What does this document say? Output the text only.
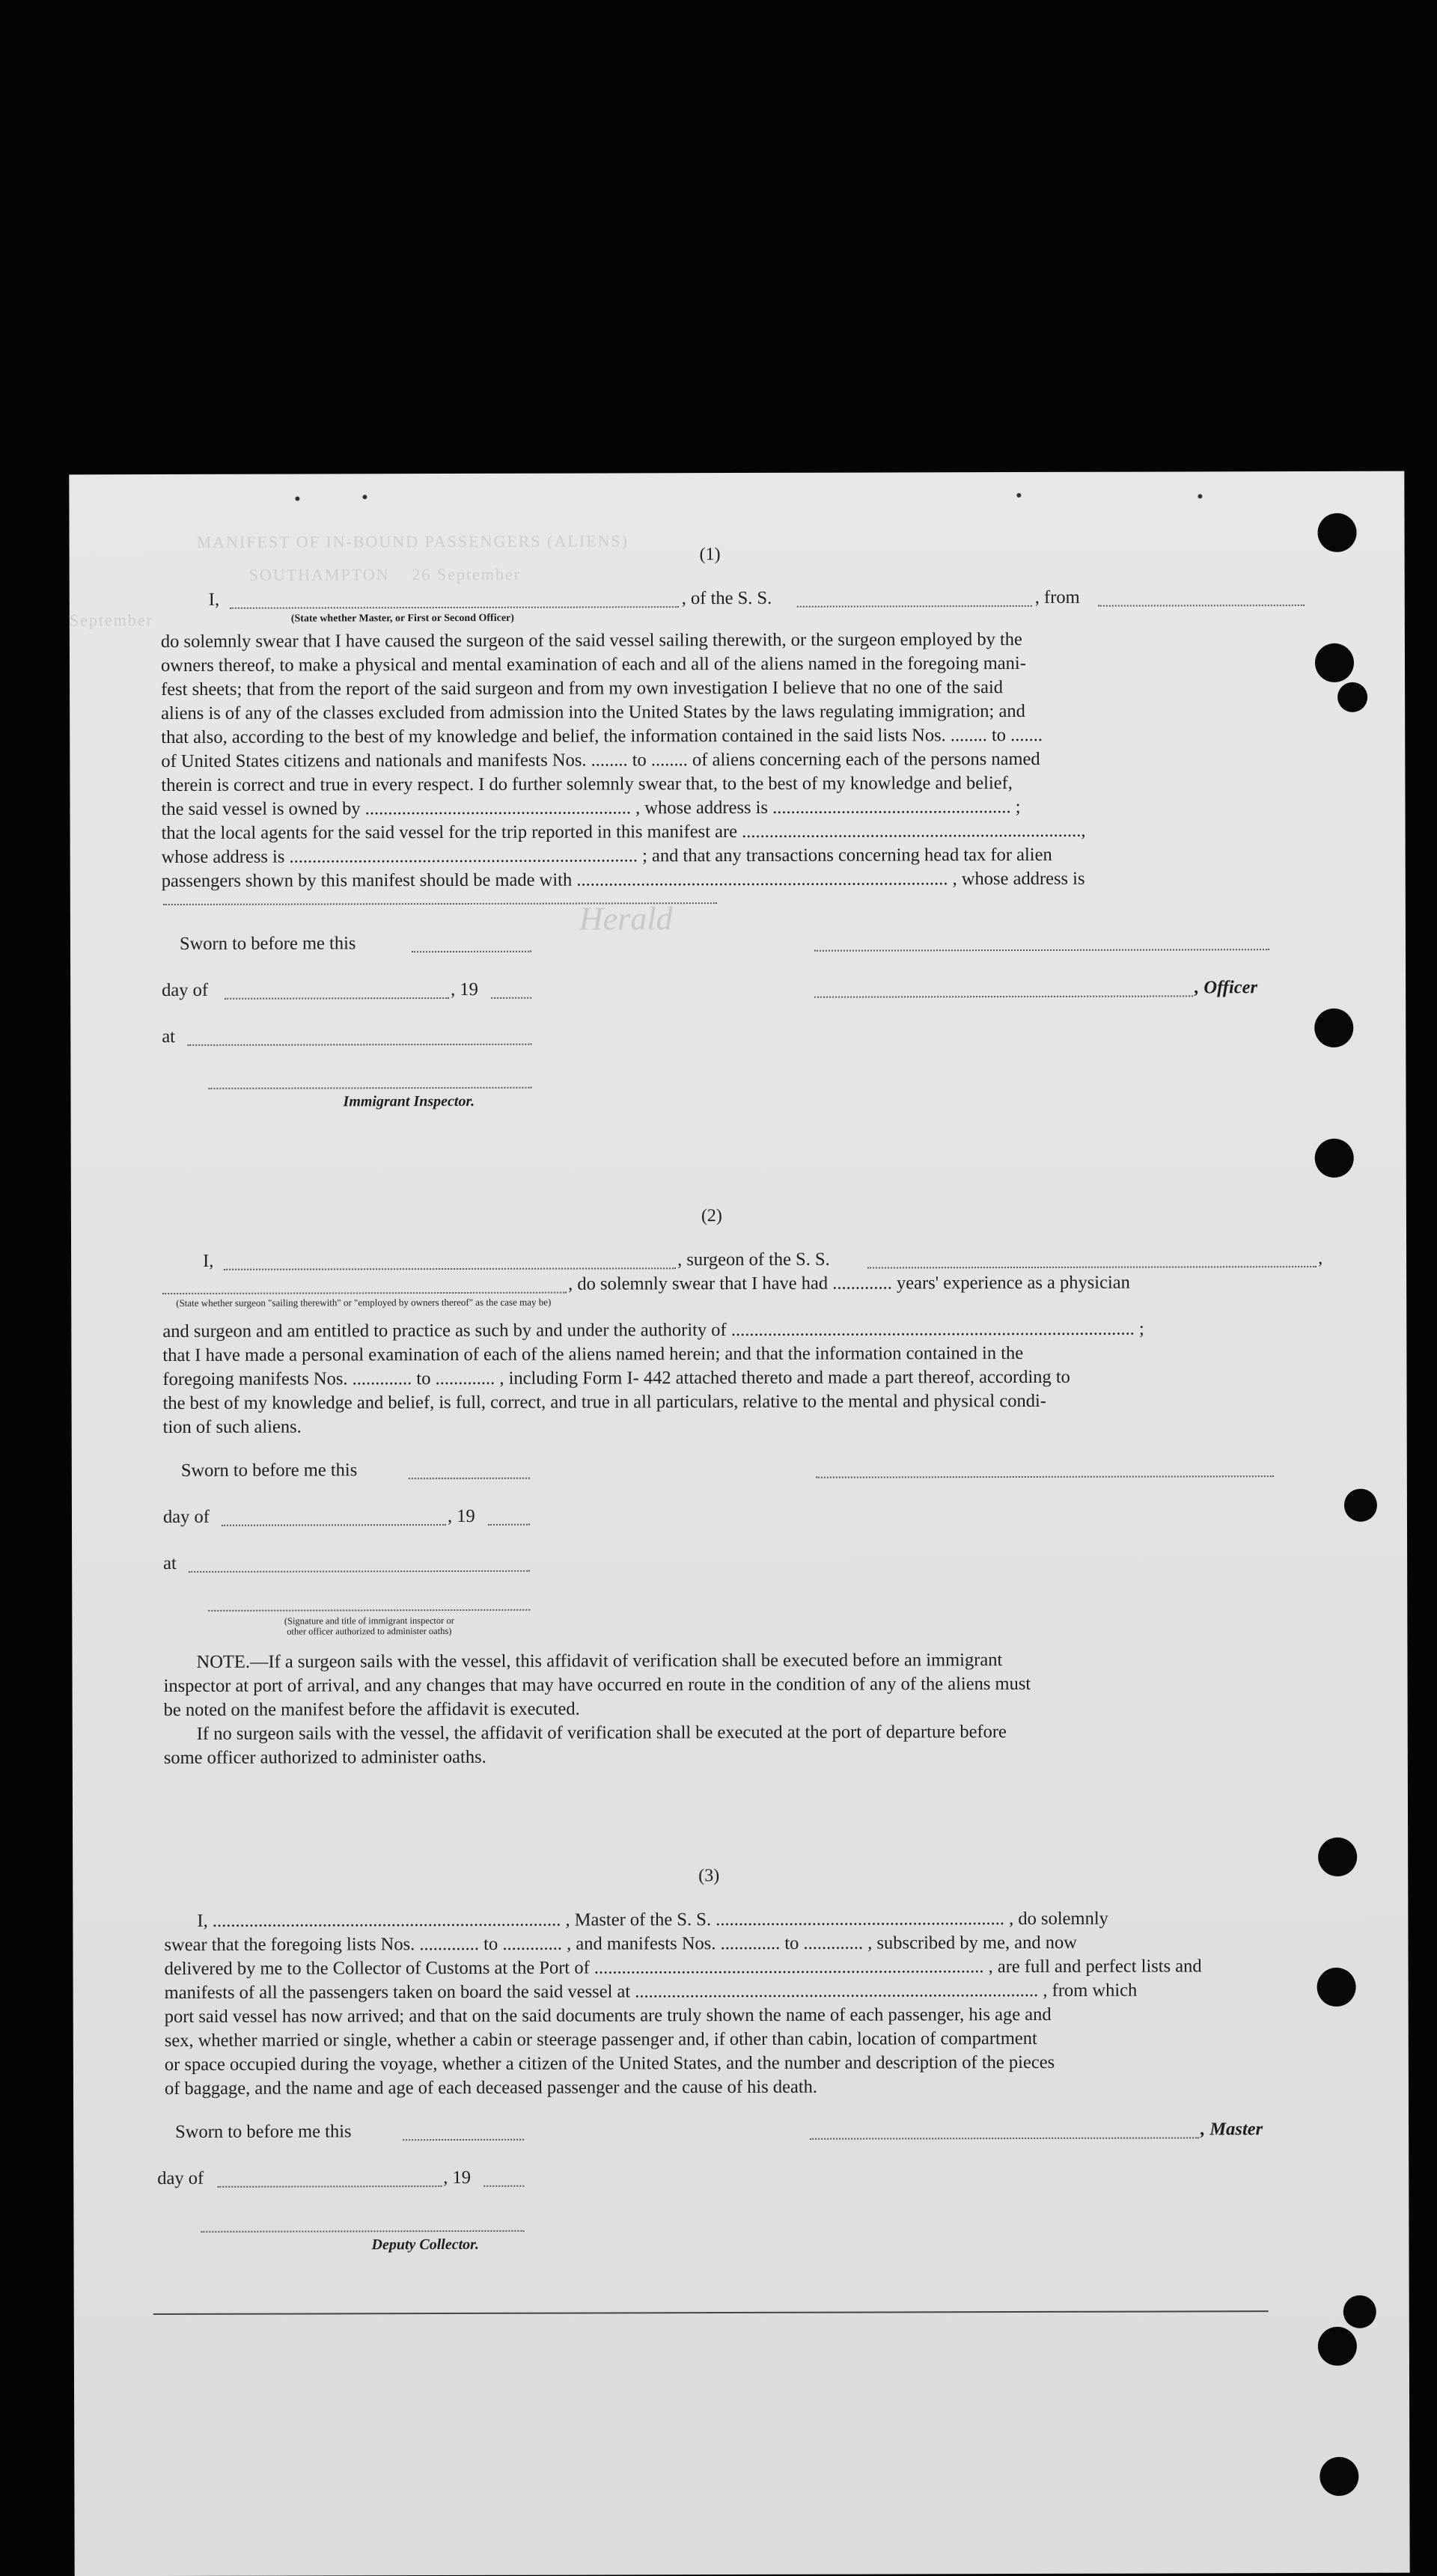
MANIFEST OF IN-BOUND PASSENGERS (ALIENS)
SOUTHAMPTON    26 September
September
Herald
(1)
I,	, of the S. S.	, from
(State whether Master, or First or Second Officer)
do solemnly swear that I have caused the surgeon of the said vessel sailing therewith, or the surgeon employed by the
owners thereof, to make a physical and mental examination of each and all of the aliens named in the foregoing mani-
fest sheets; that from the report of the said surgeon and from my own investigation I believe that no one of the said
aliens is of any of the classes excluded from admission into the United States by the laws regulating immigration; and
that also, according to the best of my knowledge and belief, the information contained in the said lists Nos. ........ to .......
of United States citizens and nationals and manifests Nos. ........ to ........ of aliens concerning each of the persons named
therein is correct and true in every respect. I do further solemnly swear that, to the best of my knowledge and belief,
the said vessel is owned by .......................................................... , whose address is .................................................... ;
that the local agents for the said vessel for the trip reported in this manifest are ..........................................................................,
whose address is ............................................................................ ; and that any transactions concerning head tax for alien
passengers shown by this manifest should be made with ................................................................................. , whose address is
Sworn to before me this
day of	, 19	, Officer
at
Immigrant Inspector.
(2)
I,	, surgeon of the S. S.	,
, do solemnly swear that I have had ............. years' experience as a physician
(State whether surgeon "sailing therewith" or "employed by owners thereof" as the case may be)
and surgeon and am entitled to practice as such by and under the authority of ........................................................................................ ;
that I have made a personal examination of each of the aliens named herein; and that the information contained in the
foregoing manifests Nos. ............. to ............. , including Form I- 442 attached thereto and made a part thereof, according to
the best of my knowledge and belief, is full, correct, and true in all particulars, relative to the mental and physical condi-
tion of such aliens.
Sworn to before me this
day of	, 19
at
(Signature and title of immigrant inspector or
other officer authorized to administer oaths)
NOTE.—If a surgeon sails with the vessel, this affidavit of verification shall be executed before an immigrant
inspector at port of arrival, and any changes that may have occurred en route in the condition of any of the aliens must
be noted on the manifest before the affidavit is executed.
If no surgeon sails with the vessel, the affidavit of verification shall be executed at the port of departure before
some officer authorized to administer oaths.
(3)
I, ............................................................................ , Master of the S. S. ............................................................... , do solemnly
swear that the foregoing lists Nos. ............. to ............. , and manifests Nos. ............. to ............. , subscribed by me, and now
delivered by me to the Collector of Customs at the Port of ..................................................................................... , are full and perfect lists and
manifests of all the passengers taken on board the said vessel at ........................................................................................ , from which
port said vessel has now arrived; and that on the said documents are truly shown the name of each passenger, his age and
sex, whether married or single, whether a cabin or steerage passenger and, if other than cabin, location of compartment
or space occupied during the voyage, whether a citizen of the United States, and the number and description of the pieces
of baggage, and the name and age of each deceased passenger and the cause of his death.
Sworn to before me this	, Master
day of	, 19
Deputy Collector.
